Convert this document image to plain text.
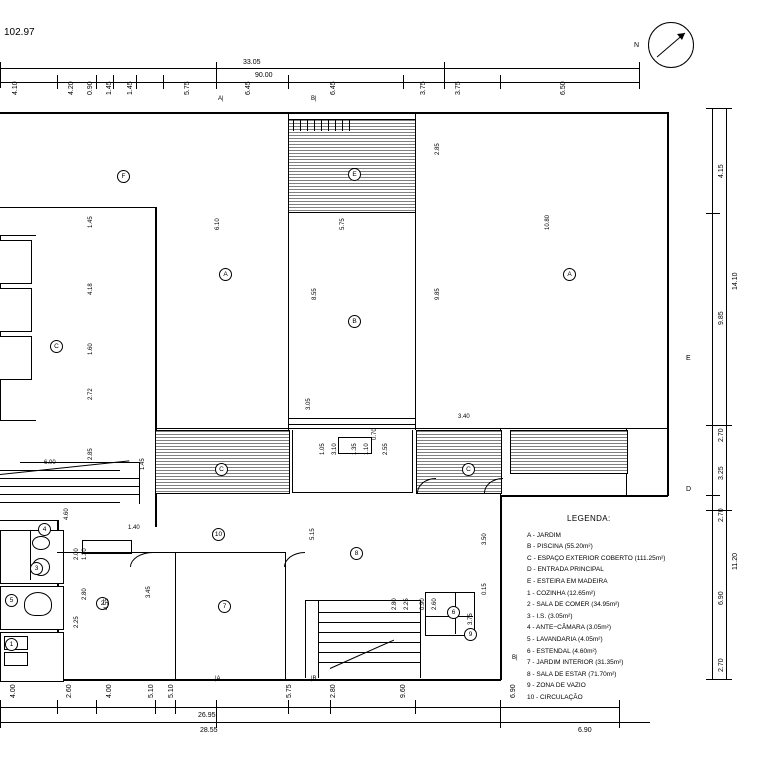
102.97
N
33.05
90.00
4.10	4.20 0.90 1.45 1.45	5.75	6.45	6.45	3.75	3.75	6.50
F
A	A
E
B
C
C	C
D
E
1
2
3
4
5
6
7
8
9
10
1.45
4.18
1.60
2.72
2.85
1.45
6.00
1.40
4.60
2.00 1.30
2.25
2.80	3.45
5.15
4.55
6.10	5.75
8.55
3.05
1.05 3.10 1.35 1.10 2.55
0.70
2.85
10.80
9.85
3.40
3.50
0.15
3.75
2.80 2.25 0.90 2.60
4.15
14.10
9.85
3.25
11.20
6.90
2.70
2.70
2.70
4.00	2.60	4.00	5.10 5.10	5.75	2.80	9.60	6.90
26.95
28.55	6.90
A|	B|
|A	|B
B|
LEGENDA:
A - JARDIM
B - PISCINA (55.20m²)
C - ESPAÇO EXTERIOR COBERTO (111.25m²)
D - ENTRADA PRINCIPAL
E - ESTEIRA EM MADEIRA
1 - COZINHA (12.65m²)
2 - SALA DE COMER (34.95m²)
3 - I.S. (3.05m²)
4 - ANTE−CÂMARA (3.05m²)
5 - LAVANDARIA (4.05m²)
6 - ESTENDAL (4.60m²)
7 - JARDIM INTERIOR (31.35m²)
8 - SALA DE ESTAR (71.70m²)
9 - ZONA DE VAZIO
10 - CIRCULAÇÃO
